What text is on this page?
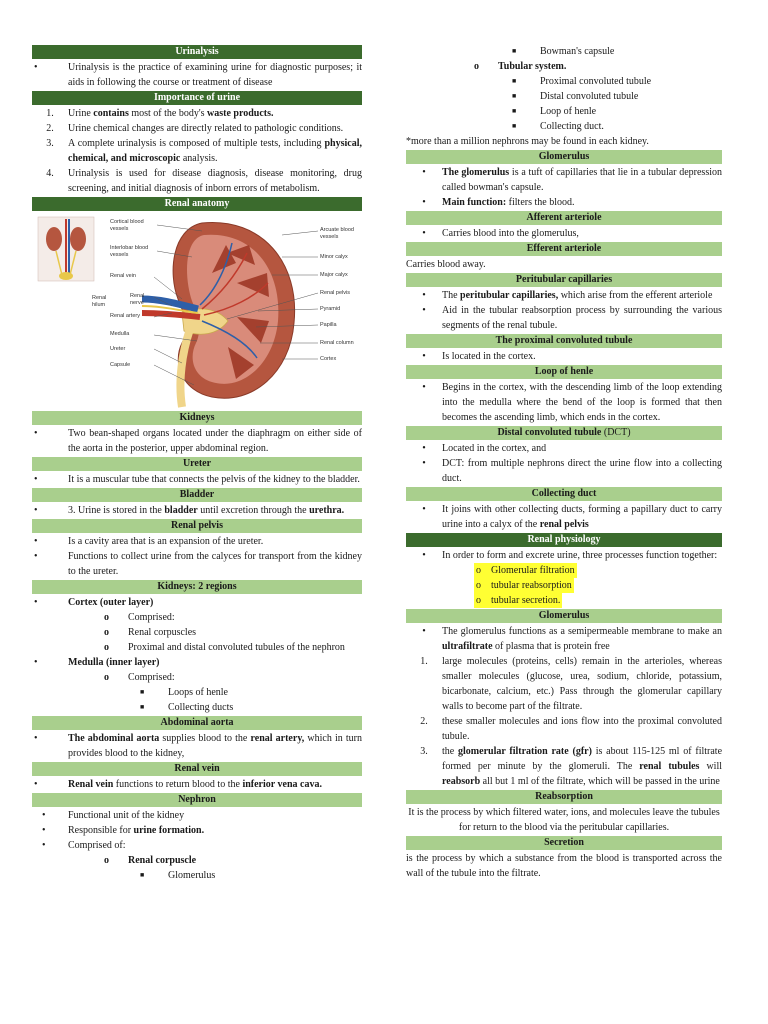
Urinalysis
•	Urinalysis is the practice of examining urine for diagnostic purposes; it aids in following the course or treatment of disease
Importance of urine
1.	Urine contains most of the body's waste products.
2.	Urine chemical changes are directly related to pathologic conditions.
3.	A complete urinalysis is composed of multiple tests, including physical, chemical, and microscopic analysis.
4.	Urinalysis is used for disease diagnosis, disease monitoring, drug screening, and initial diagnosis of inborn errors of metabolism.
Renal anatomy
Cortical blood vessels
Interlobar blood vessels
Renal vein
Renal nerve
Renal artery
Medulla
Ureter
Capsule
Renal hilum
Arcuate blood vessels
Minor calyx
Major calyx
Renal pelvis
Pyramid
Papilla
Renal column
Cortex
Kidneys
•	Two bean-shaped organs located under the diaphragm on either side of the aorta in the posterior, upper abdominal region.
Ureter
•	It is a muscular tube that connects the pelvis of the kidney to the bladder.
Bladder
•	3. Urine is stored in the bladder until excretion through the urethra.
Renal pelvis
•	Is a cavity area that is an expansion of the ureter.
•	Functions to collect urine from the calyces for transport from the kidney to the ureter.
Kidneys: 2 regions
•	Cortex (outer layer)
o	Comprised:
o	Renal corpuscles
o	Proximal and distal convoluted tubules of the nephron
•	Medulla (inner layer)
o	Comprised:
■	Loops of henle
■	Collecting ducts
Abdominal aorta
•	The abdominal aorta supplies blood to the renal artery, which in turn provides blood to the kidney,
Renal vein
•	Renal vein functions to return blood to the inferior vena cava.
Nephron
•	Functional unit of the kidney
•	Responsible for urine formation.
•	Comprised of:
o	Renal corpuscle
■	Glomerulus
■	Bowman's capsule
o	Tubular system.
■	Proximal convoluted tubule
■	Distal convoluted tubule
■	Loop of henle
■	Collecting duct.
*more than a million nephrons may be found in each kidney.
Glomerulus
•	The glomerulus is a tuft of capillaries that lie in a tubular depression called bowman's capsule.
•	Main function: filters the blood.
Afferent arteriole
•	Carries blood into the glomerulus,
Efferent arteriole
Carries blood away.
Peritubular capillaries
•	The peritubular capillaries, which arise from the efferent arteriole
•	Aid in the tubular reabsorption process by surrounding the various segments of the renal tubule.
The proximal convoluted tubule
•	Is located in the cortex.
Loop of henle
•	Begins in the cortex, with the descending limb of the loop extending into the medulla where the bend of the loop is formed that then becomes the ascending limb, which ends in the cortex.
Distal convoluted tubule (DCT)
•	Located in the cortex, and
•	DCT: from multiple nephrons direct the urine flow into a collecting duct.
Collecting duct
•	It joins with other collecting ducts, forming a papillary duct to carry urine into a calyx of the renal pelvis
Renal physiology
•	In order to form and excrete urine, three processes function together:
o    Glomerular filtration
o    tubular reabsorption
o    tubular secretion.
Glomerulus
•	The glomerulus functions as a semipermeable membrane to make an ultrafiltrate of plasma that is protein free
1.	large molecules (proteins, cells) remain in the arterioles, whereas smaller molecules (glucose, urea, sodium, chloride, potassium, bicarbonate, calcium, etc.) Pass through the glomerular capillary walls to become part of the filtrate.
2.	these smaller molecules and ions flow into the proximal convoluted tubule.
3.	the glomerular filtration rate (gfr) is about 115-125 ml of filtrate formed per minute by the glomeruli. The renal tubules will reabsorb all but 1 ml of the filtrate, which will be passed in the urine
Reabsorption
It is the process by which filtered water, ions, and molecules leave the tubules for return to the blood via the peritubular capillaries.
Secretion
is the process by which a substance from the blood is transported across the wall of the tubule into the filtrate.
